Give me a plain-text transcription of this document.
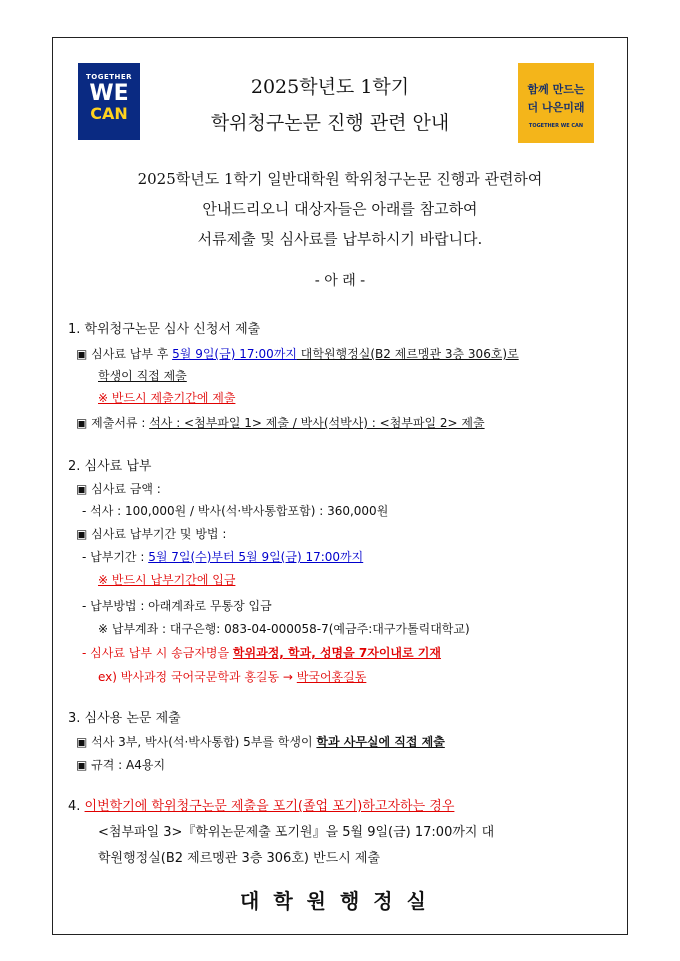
TOGETHER
WE
CAN
함께 만드는
더 나은미래
TOGETHER WE CAN
2025학년도 1학기
학위청구논문 진행 관련 안내
2025학년도 1학기 일반대학원 학위청구논문 진행과 관련하여
안내드리오니 대상자들은 아래를 참고하여
서류제출 및 심사료를 납부하시기 바랍니다.
- 아 래 -
1. 학위청구논문 심사 신청서 제출
▣ 심사료 납부 후 5월 9일(금) 17:00까지 대학원행정실(B2 제르멩관 3층 306호)로
학생이 직접 제출
※ 반드시 제출기간에 제출
▣ 제출서류 : 석사 : <첨부파일 1> 제출 / 박사(석박사) : <첨부파일 2> 제출
2. 심사료 납부
▣ 심사료 금액 :
- 석사 : 100,000원 / 박사(석·박사통합포함) : 360,000원
▣ 심사료 납부기간 및 방법 :
- 납부기간 : 5월 7일(수)부터 5월 9일(금) 17:00까지
※ 반드시 납부기간에 입금
- 납부방법 : 아래계좌로 무통장 입금
※ 납부계좌 : 대구은행: 083-04-000058-7(예금주:대구가톨릭대학교)
- 심사료 납부 시 송금자명을 학위과정, 학과, 성명을 7자이내로 기재
ex) 박사과정 국어국문학과 홍길동 → 박국어홍길동
3. 심사용 논문 제출
▣ 석사 3부, 박사(석·박사통합) 5부를 학생이 학과 사무실에 직접 제출
▣ 규격 : A4용지
4. 이번학기에 학위청구논문 제출을 포기(졸업 포기)하고자하는 경우
<첨부파일 3>『학위논문제출 포기원』을 5월 9일(금) 17:00까지 대
학원행정실(B2 제르멩관 3층 306호) 반드시 제출
대학원행정실
